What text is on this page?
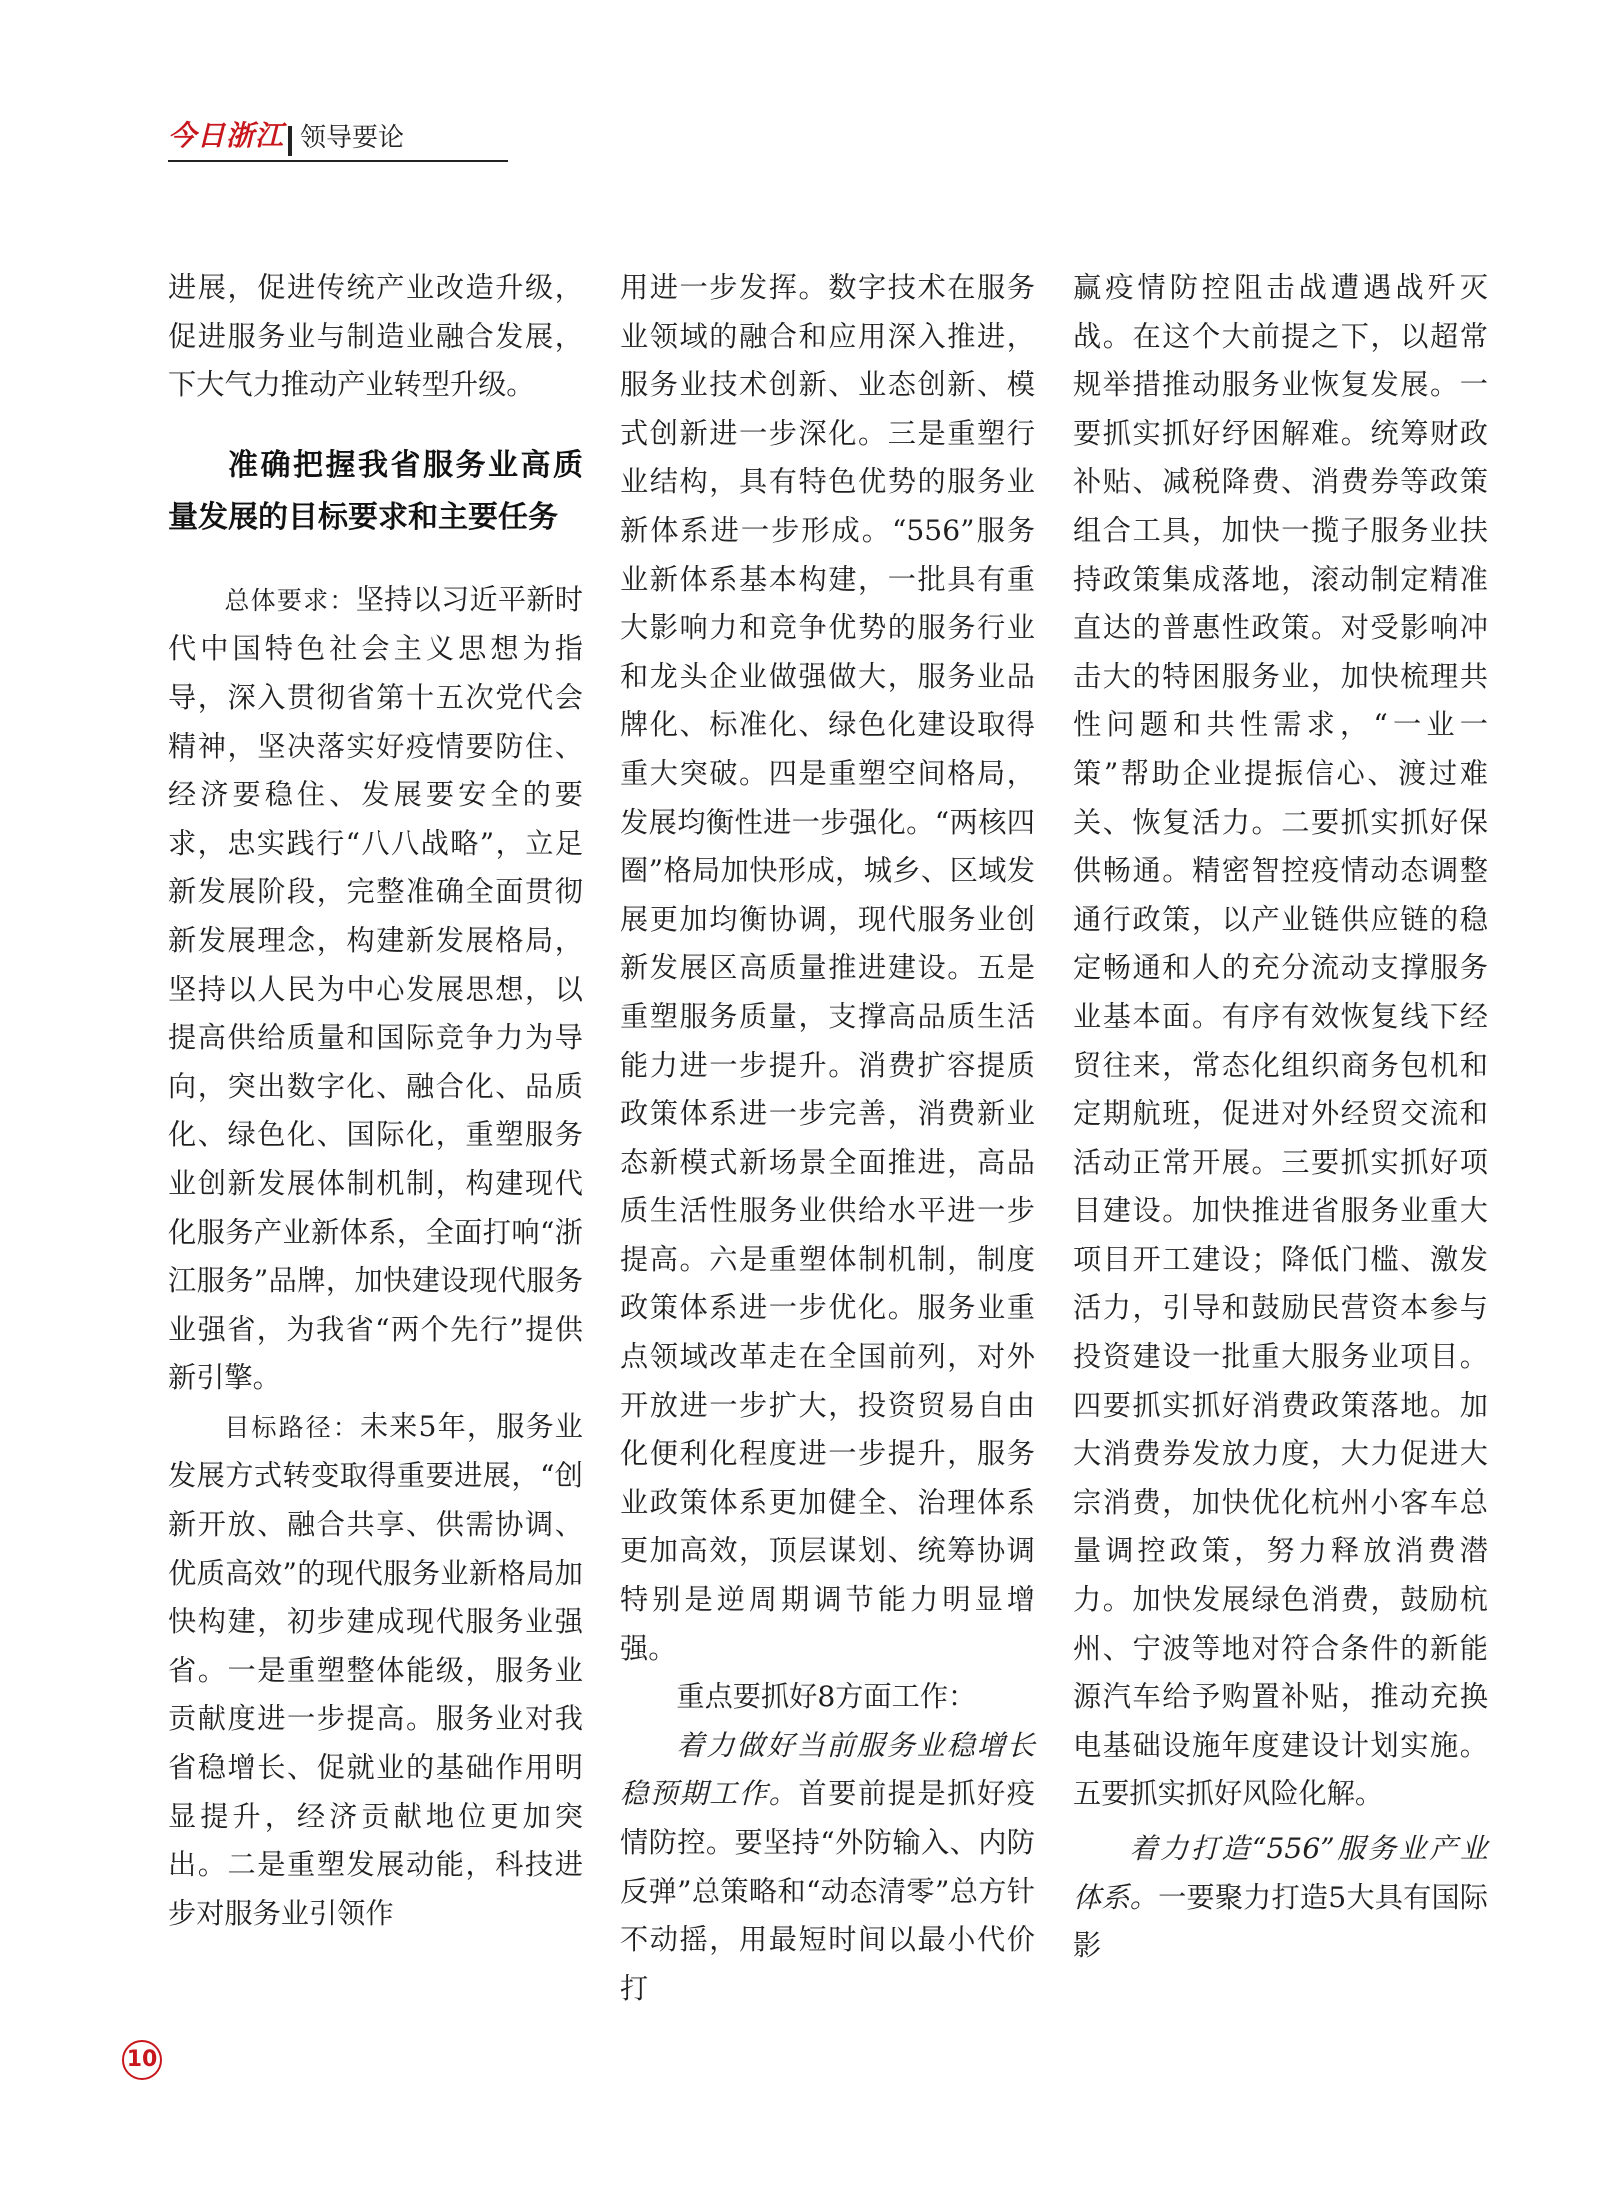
今日浙江 领导要论

进展，促进传统产业改造升级，促进服务业与制造业融合发展，下大气力推动产业转型升级。

准确把握我省服务业高质量发展的目标要求和主要任务

总体要求：坚持以习近平新时代中国特色社会主义思想为指导，深入贯彻省第十五次党代会精神，坚决落实好疫情要防住、经济要稳住、发展要安全的要求，忠实践行“八八战略”，立足新发展阶段，完整准确全面贯彻新发展理念，构建新发展格局，坚持以人民为中心发展思想，以提高供给质量和国际竞争力为导向，突出数字化、融合化、品质化、绿色化、国际化，重塑服务业创新发展体制机制，构建现代化服务产业新体系，全面打响“浙江服务”品牌，加快建设现代服务业强省，为我省“两个先行”提供新引擎。

目标路径：未来5年，服务业发展方式转变取得重要进展，“创新开放、融合共享、供需协调、优质高效”的现代服务业新格局加快构建，初步建成现代服务业强省。一是重塑整体能级，服务业贡献度进一步提高。服务业对我省稳增长、促就业的基础作用明显提升，经济贡献地位更加突出。二是重塑发展动能，科技进步对服务业引领作

用进一步发挥。数字技术在服务业领域的融合和应用深入推进，服务业技术创新、业态创新、模式创新进一步深化。三是重塑行业结构，具有特色优势的服务业新体系进一步形成。“556”服务业新体系基本构建，一批具有重大影响力和竞争优势的服务行业和龙头企业做强做大，服务业品牌化、标准化、绿色化建设取得重大突破。四是重塑空间格局，发展均衡性进一步强化。“两核四圈”格局加快形成，城乡、区域发展更加均衡协调，现代服务业创新发展区高质量推进建设。五是重塑服务质量，支撑高品质生活能力进一步提升。消费扩容提质政策体系进一步完善，消费新业态新模式新场景全面推进，高品质生活性服务业供给水平进一步提高。六是重塑体制机制，制度政策体系进一步优化。服务业重点领域改革走在全国前列，对外开放进一步扩大，投资贸易自由化便利化程度进一步提升，服务业政策体系更加健全、治理体系更加高效，顶层谋划、统筹协调特别是逆周期调节能力明显增强。

重点要抓好8方面工作：

着力做好当前服务业稳增长稳预期工作。首要前提是抓好疫情防控。要坚持“外防输入、内防反弹”总策略和“动态清零”总方针不动摇，用最短时间以最小代价打

赢疫情防控阻击战遭遇战歼灭战。在这个大前提之下，以超常规举措推动服务业恢复发展。一要抓实抓好纾困解难。统筹财政补贴、减税降费、消费券等政策组合工具，加快一揽子服务业扶持政策集成落地，滚动制定精准直达的普惠性政策。对受影响冲击大的特困服务业，加快梳理共性问题和共性需求，“一业一策”帮助企业提振信心、渡过难关、恢复活力。二要抓实抓好保供畅通。精密智控疫情动态调整通行政策，以产业链供应链的稳定畅通和人的充分流动支撑服务业基本面。有序有效恢复线下经贸往来，常态化组织商务包机和定期航班，促进对外经贸交流和活动正常开展。三要抓实抓好项目建设。加快推进省服务业重大项目开工建设；降低门槛、激发活力，引导和鼓励民营资本参与投资建设一批重大服务业项目。四要抓实抓好消费政策落地。加大消费券发放力度，大力促进大宗消费，加快优化杭州小客车总量调控政策，努力释放消费潜力。加快发展绿色消费，鼓励杭州、宁波等地对符合条件的新能源汽车给予购置补贴，推动充换电基础设施年度建设计划实施。五要抓实抓好风险化解。

着力打造“556”服务业产业体系。一要聚力打造5大具有国际影

10
